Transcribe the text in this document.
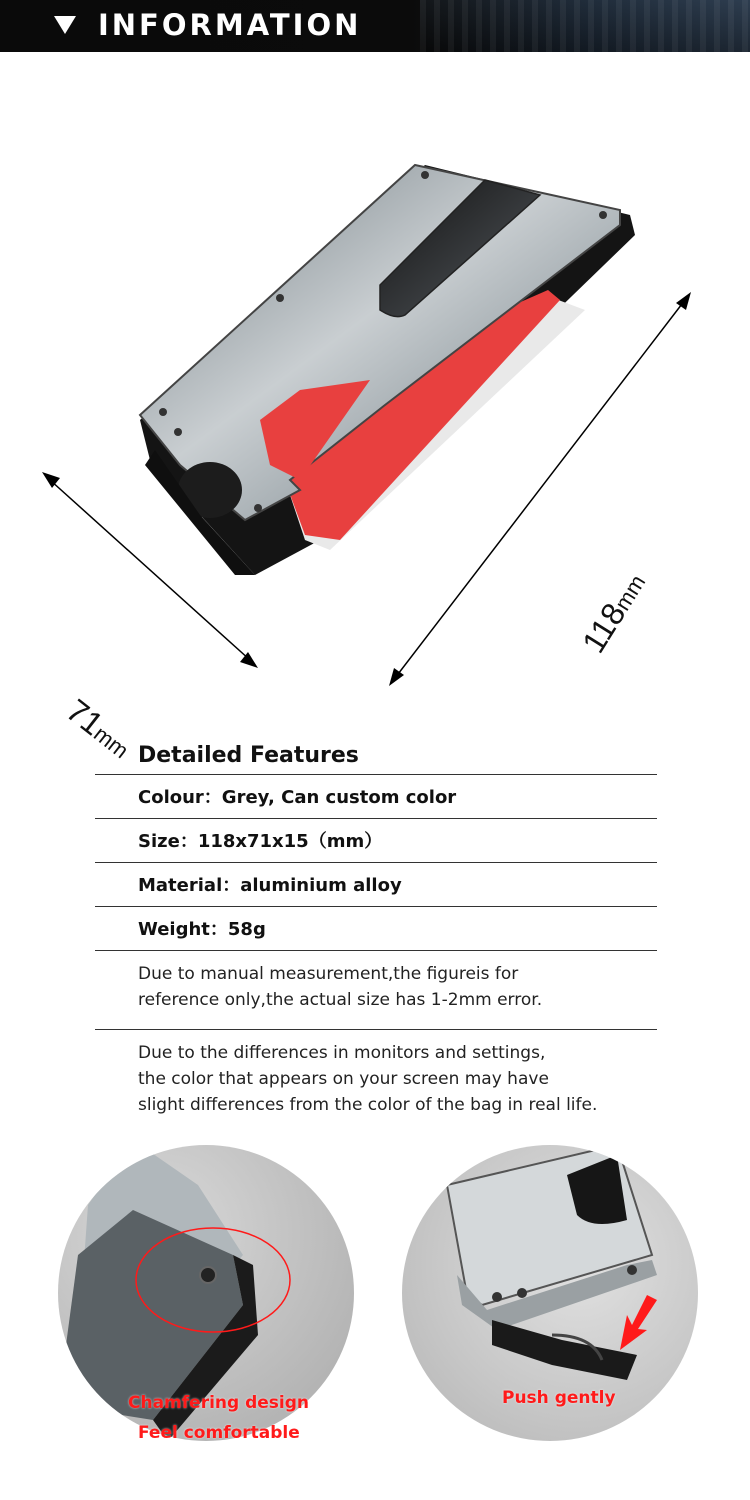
INFORMATION
71mm
118mm
Detailed Features
Colour：Grey, Can custom color
Size：118x71x15（mm）
Material：aluminium alloy
Weight：58g
Due to manual measurement,the figureis for
reference only,the actual size has 1-2mm error.
Due to the differences in monitors and settings,
the color that appears on your screen may have
slight differences from the color of the bag in real life.
Chamfering design
Feel comfortable
Push gently
